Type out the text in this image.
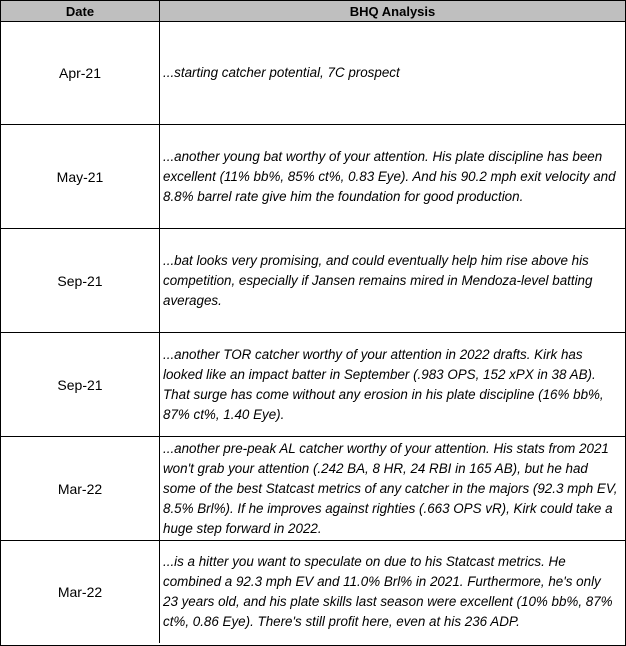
Date	BHQ Analysis
Apr-21	...starting catcher potential, 7C prospect
May-21	...another young bat worthy of your attention. His plate discipline has been excellent (11% bb%, 85% ct%, 0.83 Eye). And his 90.2 mph exit velocity and 8.8% barrel rate give him the foundation for good production.
Sep-21	...bat looks very promising, and could eventually help him rise above his competition, especially if Jansen remains mired in Mendoza-level batting averages.
Sep-21	...another TOR catcher worthy of your attention in 2022 drafts. Kirk has looked like an impact batter in September (.983 OPS, 152 xPX in 38 AB). That surge has come without any erosion in his plate discipline (16% bb%, 87% ct%, 1.40 Eye).
Mar-22	...another pre-peak AL catcher worthy of your attention. His stats from 2021 won't grab your attention (.242 BA, 8 HR, 24 RBI in 165 AB), but he had some of the best Statcast metrics of any catcher in the majors (92.3 mph EV, 8.5% Brl%). If he improves against righties (.663 OPS vR), Kirk could take a huge step forward in 2022.
Mar-22	...is a hitter you want to speculate on due to his Statcast metrics. He combined a 92.3 mph EV and 11.0% Brl% in 2021. Furthermore, he's only 23 years old, and his plate skills last season were excellent (10% bb%, 87% ct%, 0.86 Eye). There's still profit here, even at his 236 ADP.
